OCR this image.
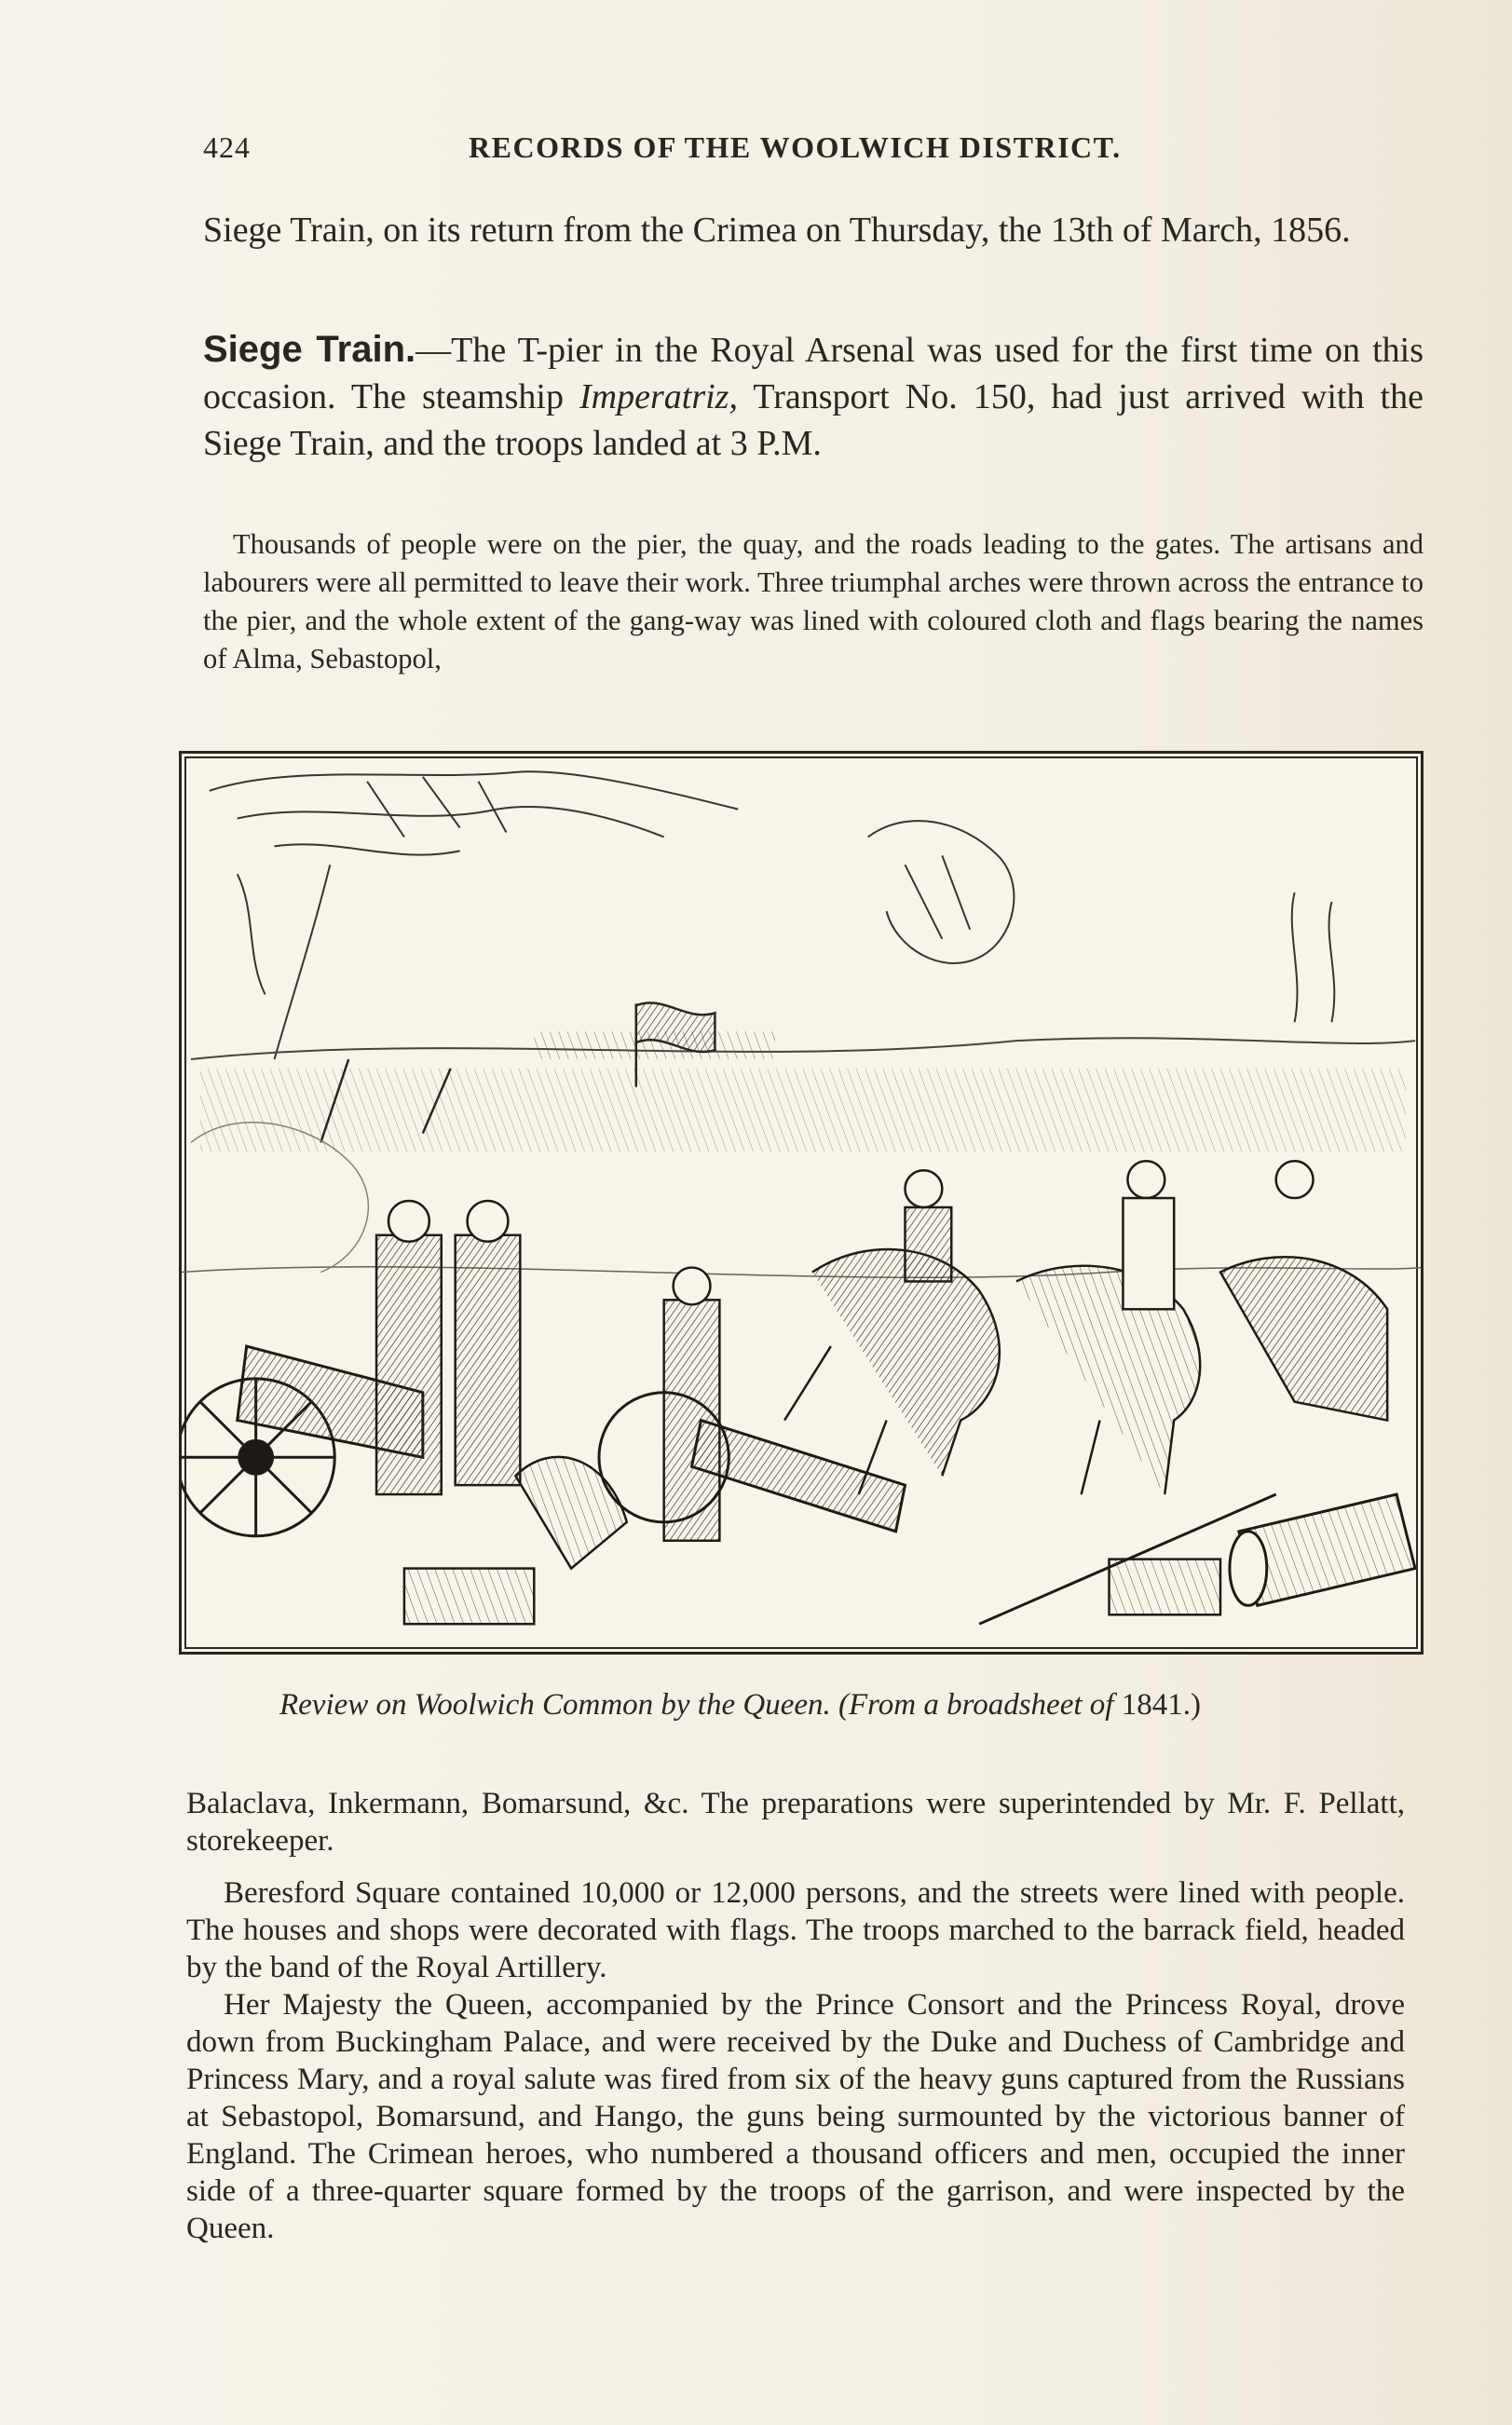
424	RECORDS OF THE WOOLWICH DISTRICT.
Siege Train, on its return from the Crimea on Thursday, the 13th of March, 1856.
Siege Train.—The T-pier in the Royal Arsenal was used for the first time on this occasion. The steamship Imperatriz, Transport No. 150, had just arrived with the Siege Train, and the troops landed at 3 P.M.
Thousands of people were on the pier, the quay, and the roads leading to the gates. The artisans and labourers were all permitted to leave their work. Three triumphal arches were thrown across the entrance to the pier, and the whole extent of the gang-way was lined with coloured cloth and flags bearing the names of Alma, Sebastopol,
Review on Woolwich Common by the Queen. (From a broadsheet of 1841.)
Balaclava, Inkermann, Bomarsund, &c. The preparations were superintended by Mr. F. Pellatt, storekeeper.
Beresford Square contained 10,000 or 12,000 persons, and the streets were lined with people. The houses and shops were decorated with flags. The troops marched to the barrack field, headed by the band of the Royal Artillery.
Her Majesty the Queen, accompanied by the Prince Consort and the Princess Royal, drove down from Buckingham Palace, and were received by the Duke and Duchess of Cambridge and Princess Mary, and a royal salute was fired from six of the heavy guns captured from the Russians at Sebastopol, Bomarsund, and Hango, the guns being surmounted by the victorious banner of England. The Crimean heroes, who numbered a thousand officers and men, occupied the inner side of a three-quarter square formed by the troops of the garrison, and were inspected by the Queen.
